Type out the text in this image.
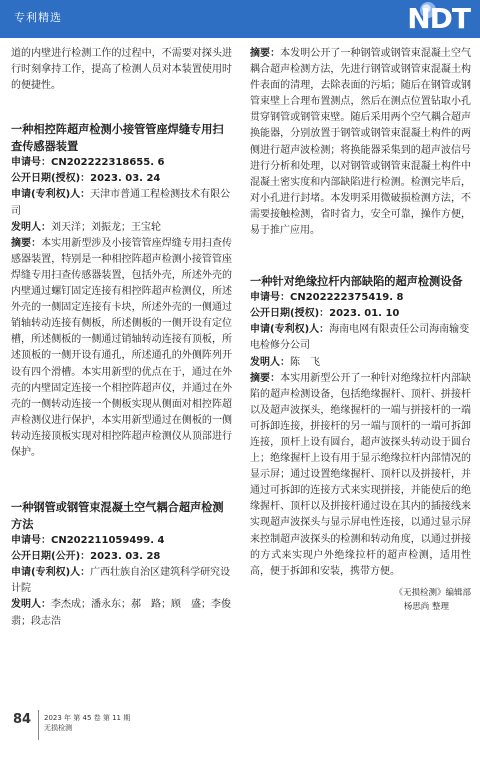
专利精选	NDT

道的内壁进行检测工作的过程中，不需要对探头进行时刻拿持工作，提高了检测人员对本装置使用时的便捷性。

一种相控阵超声检测小接管管座焊缝专用扫查传感器装置

申请号：CN202222318655. 6

公开日期(授权)：2023. 03. 24

申请(专利权)人：天津市普通工程检测技术有限公司

发明人：刘天洋；刘振龙；王宝轮

摘要：本实用新型涉及小接管管座焊缝专用扫查传感器装置，特别是一种相控阵超声检测小接管管座焊缝专用扫查传感器装置，包括外壳，所述外壳的内壁通过螺钉固定连接有相控阵超声检测仪，所述外壳的一侧固定连接有卡块，所述外壳的一侧通过销轴转动连接有侧板，所述侧板的一侧开设有定位槽，所述侧板的一侧通过销轴转动连接有顶板，所述顶板的一侧开设有通孔，所述通孔的外侧阵列开设有四个滑槽。本实用新型的优点在于，通过在外壳的内壁固定连接一个相控阵超声仪，并通过在外壳的一侧转动连接一个侧板实现从侧面对相控阵超声检测仪进行保护，本实用新型通过在侧板的一侧转动连接顶板实现对相控阵超声检测仪从顶部进行保护。

一种钢管或钢管束混凝土空气耦合超声检测方法

申请号：CN202211059499. 4

公开日期(公开)：2023. 03. 28

申请(专利权)人：广西壮族自治区建筑科学研究设计院

发明人：李杰成；潘永东；郝　路；顾　盛；李俊翡；段志浩

摘要：本发明公开了一种钢管或钢管束混凝土空气耦合超声检测方法，先进行钢管或钢管束混凝土构件表面的清理，去除表面的污垢；随后在钢管或钢管束壁上合理布置测点，然后在测点位置钻取小孔贯穿钢管或钢管束壁。随后采用两个空气耦合超声换能器，分别放置于钢管或钢管束混凝土构件的两侧进行超声波检测；将换能器采集到的超声波信号进行分析和处理，以对钢管或钢管束混凝土构件中混凝土密实度和内部缺陷进行检测。检测完毕后，对小孔进行封堵。本发明采用微破损检测方法，不需要接触检测，省时省力，安全可靠，操作方便，易于推广应用。

一种针对绝缘拉杆内部缺陷的超声检测设备

申请号：CN202222375419. 8

公开日期(授权)：2023. 01. 10

申请(专利权)人：海南电网有限责任公司海南输变电检修分公司

发明人：陈　飞

摘要：本实用新型公开了一种针对绝缘拉杆内部缺陷的超声检测设备，包括绝缘握杆、顶杆、拼接杆以及超声波探头，绝缘握杆的一端与拼接杆的一端可拆卸连接，拼接杆的另一端与顶杆的一端可拆卸连接，顶杆上设有圆台，超声波探头转动设于圆台上；绝缘握杆上设有用于显示绝缘拉杆内部情况的显示屏；通过设置绝缘握杆、顶杆以及拼接杆，并通过可拆卸的连接方式来实现拼接，并能使后的绝缘握杆、顶杆以及拼接杆通过设在其内的插接线来实现超声波探头与显示屏电性连接，以通过显示屏来控制超声波探头的检测和转动角度，以通过拼接的方式来实现户外绝缘拉杆的超声检测，适用性高，便于拆卸和安装，携带方便。

《无损检测》编辑部

杨思尚 整理

84 2023 年 第 45 卷 第 11 期
无损检测
